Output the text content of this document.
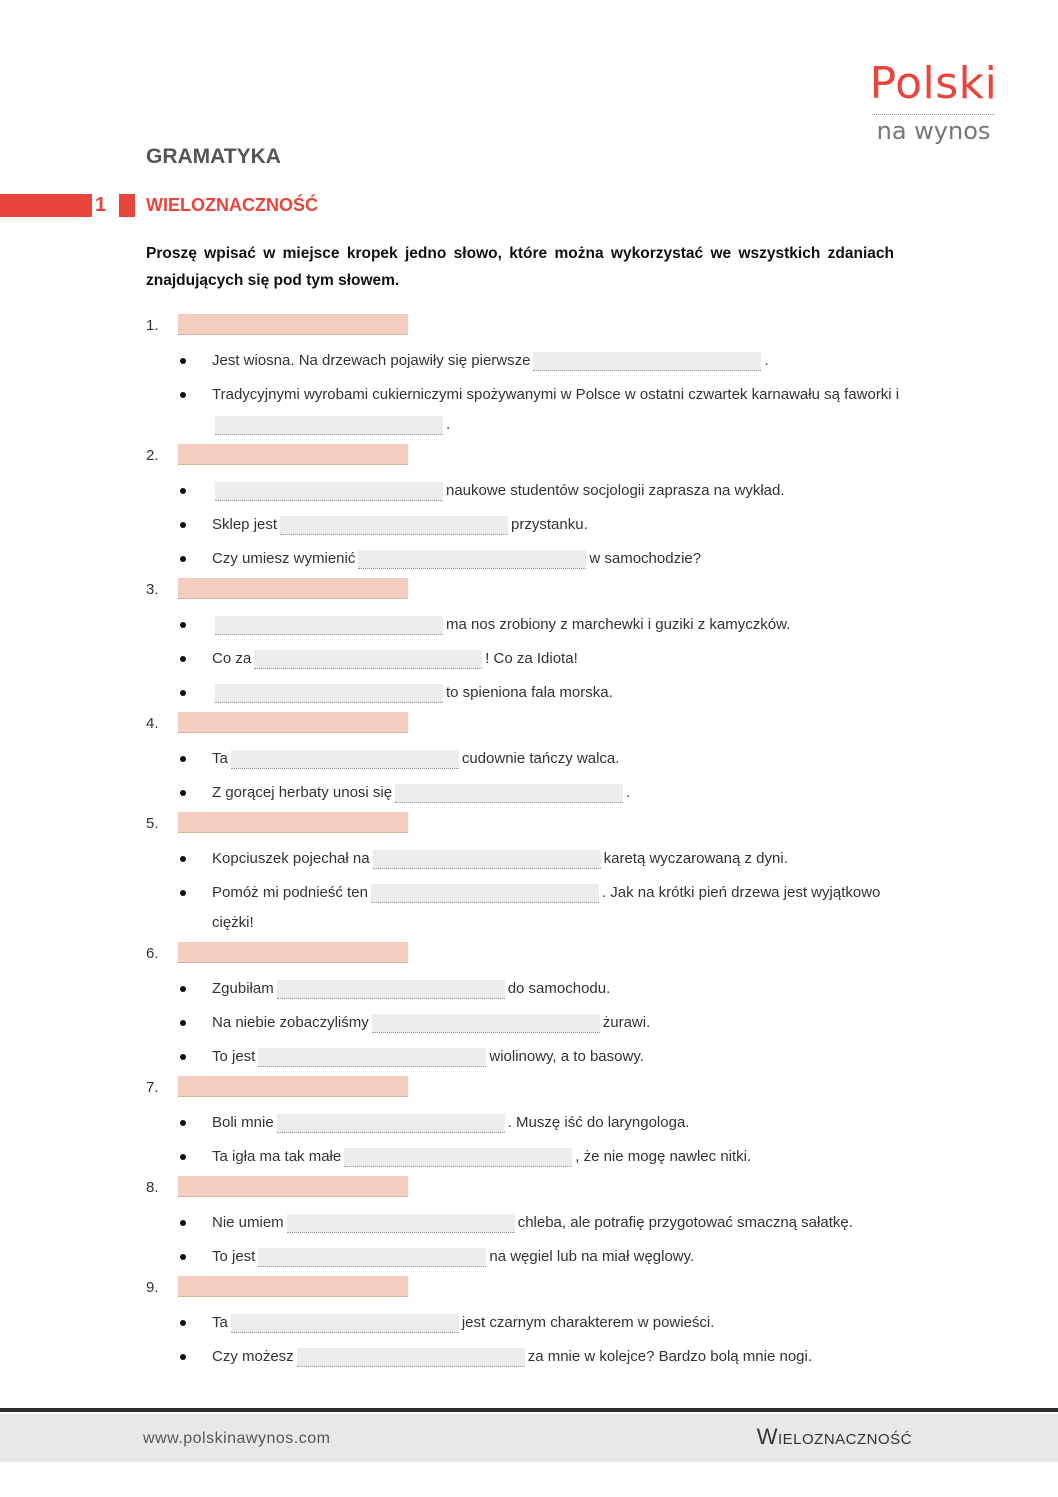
Polski
na wynos
GRAMATYKA
1 WIELOZNACZNOŚĆ
Proszę wpisać w miejsce kropek jedno słowo, które można wykorzystać we wszystkich zdaniach znajdujących się pod tym słowem.
1.
Jest wiosna. Na drzewach pojawiły się pierwsze	.
Tradycyjnymi wyrobami cukierniczymi spożywanymi w Polsce w ostatni czwartek karnawału są faworki i.
2.
naukowe studentów socjologii zaprasza na wykład.
Sklep jest	przystanku.
Czy umiesz wymienić	w samochodzie?
3.
ma nos zrobiony z marchewki i guziki z kamyczków.
Co za	! Co za Idiota!
to spieniona fala morska.
4.
Ta	cudownie tańczy walca.
Z gorącej herbaty unosi się	.
5.
Kopciuszek pojechał na	karetą wyczarowaną z dyni.
Pomóż mi podnieść ten	. Jak na krótki pień drzewa jest wyjątkowo ciężki!
6.
Zgubiłam	do samochodu.
Na niebie zobaczyliśmy	żurawi.
To jest	wiolinowy, a to basowy.
7.
Boli mnie	. Muszę iść do laryngologa.
Ta igła ma tak małe	, że nie mogę nawlec nitki.
8.
Nie umiem	chleba, ale potrafię przygotować smaczną sałatkę.
To jest	na węgiel lub na miał węglowy.
9.
Ta	jest czarnym charakterem w powieści.
Czy możesz	za mnie w kolejce? Bardzo bolą mnie nogi.
www.polskinawynos.com	Wieloznaczność
